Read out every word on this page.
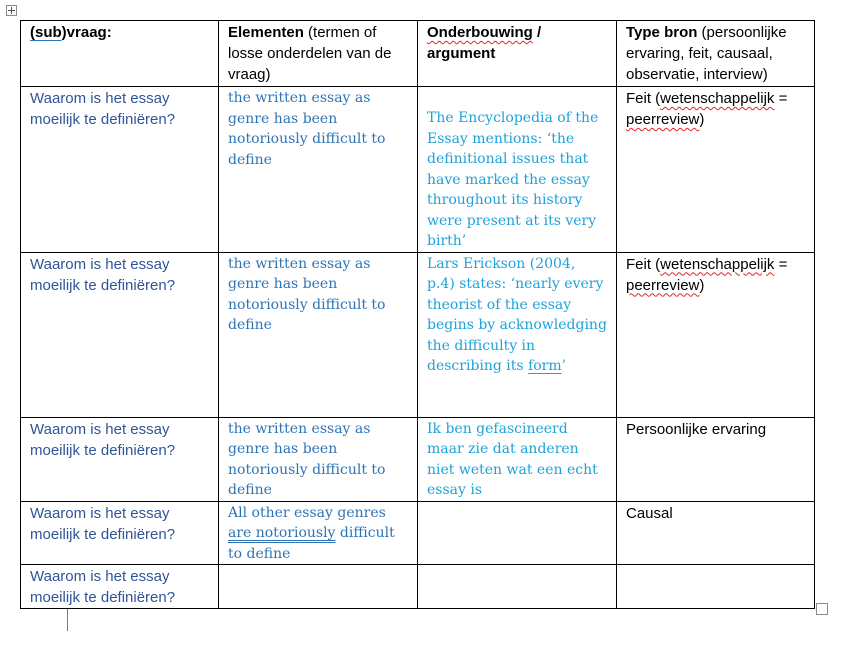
(sub)vraag:	Elementen (termen of losse onderdelen van de vraag)	Onderbouwing / argument	Type bron (persoonlijke ervaring, feit, causaal, observatie, interview)
Waarom is het essay moeilijk te definiëren?	the written essay as genre has been notoriously difficult to define	The Encyclopedia of the Essay mentions: ‘the definitional issues that have marked the essay throughout its history were present at its very birth’	Feit (wetenschappelijk = peerreview)
Waarom is het essay moeilijk te definiëren?	the written essay as genre has been notoriously difficult to define	Lars Erickson (2004, p.4) states: ‘nearly every theorist of the essay begins by acknowledging the difficulty in describing its form’	Feit (wetenschappelijk = peerreview)
Waarom is het essay moeilijk te definiëren?	the written essay as genre has been notoriously difficult to define	Ik ben gefascineerd maar zie dat anderen niet weten wat een echt essay is	Persoonlijke ervaring
Waarom is het essay moeilijk te definiëren?	All other essay genres are notoriously difficult to define		Causal
Waarom is het essay moeilijk te definiëren?			
